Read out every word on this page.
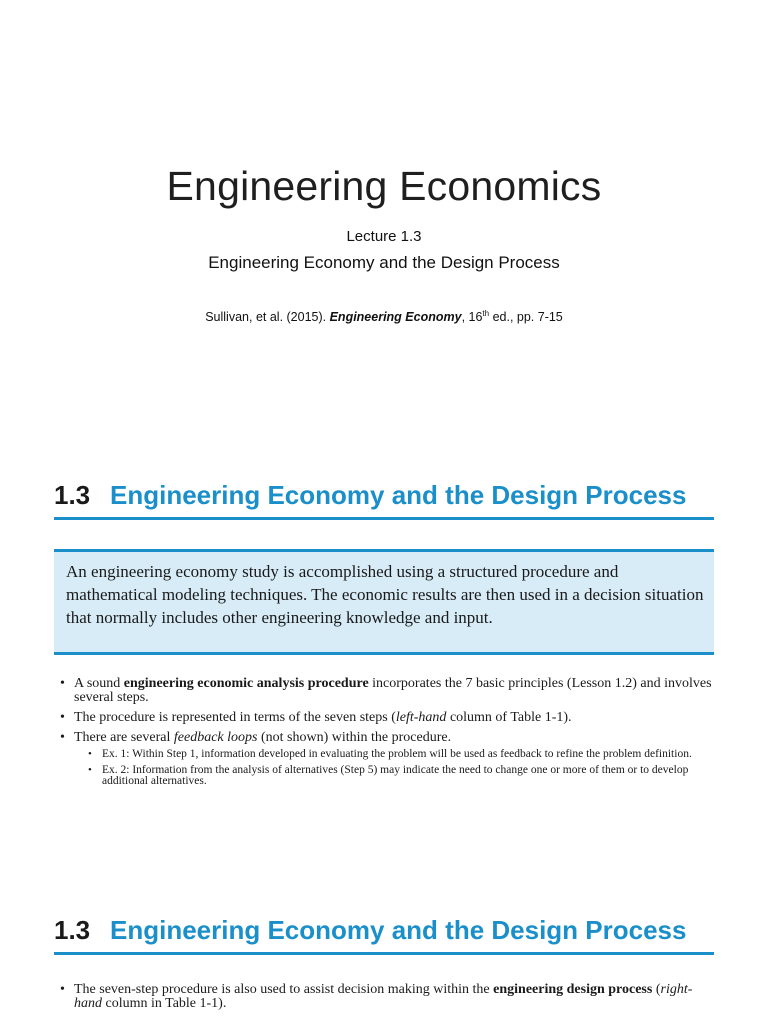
Engineering Economics
Lecture 1.3
Engineering Economy and the Design Process
Sullivan, et al. (2015). Engineering Economy, 16th ed., pp. 7-15
1.3 Engineering Economy and the Design Process
An engineering economy study is accomplished using a structured procedure and mathematical modeling techniques. The economic results are then used in a decision situation that normally includes other engineering knowledge and input.
• A sound engineering economic analysis procedure incorporates the 7 basic principles (Lesson 1.2) and involves several steps.
• The procedure is represented in terms of the seven steps (left-hand column of Table 1-1).
• There are several feedback loops (not shown) within the procedure.
• Ex. 1: Within Step 1, information developed in evaluating the problem will be used as feedback to refine the problem definition.
• Ex. 2: Information from the analysis of alternatives (Step 5) may indicate the need to change one or more of them or to develop additional alternatives.
1.3 Engineering Economy and the Design Process
• The seven-step procedure is also used to assist decision making within the engineering design process (right-hand column in Table 1-1).
